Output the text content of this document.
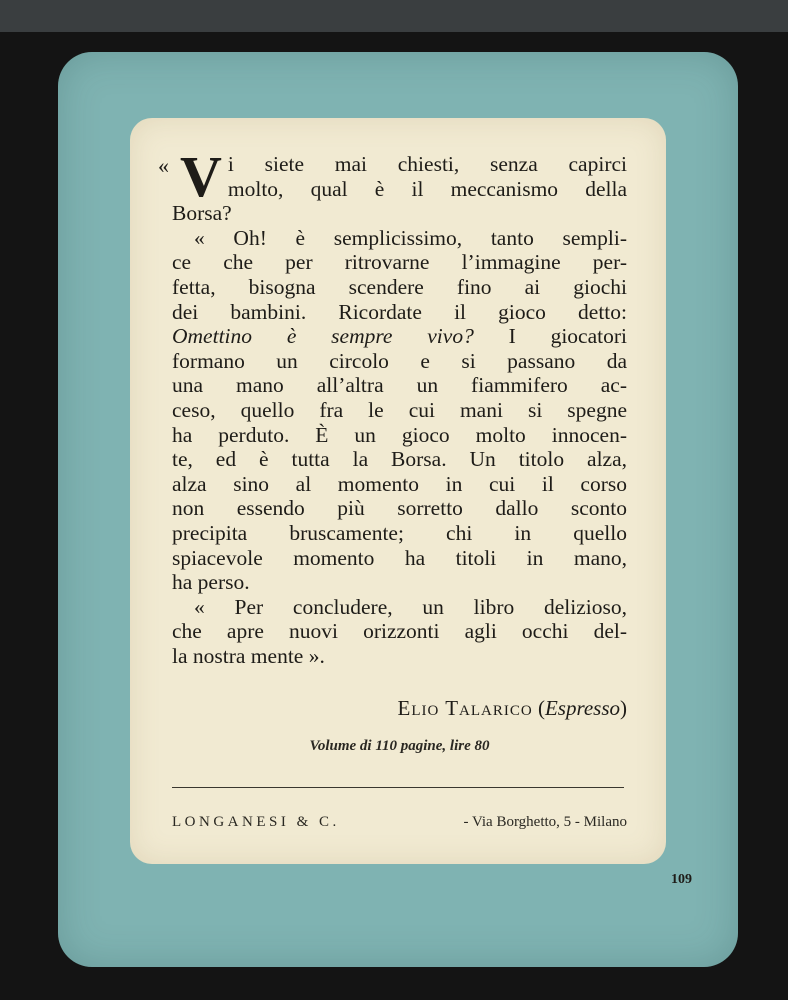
« V i siete mai chiesti, senza capirci
molto, qual è il meccanismo della
Borsa?
« Oh! è semplicissimo, tanto sempli-
ce che per ritrovarne l’immagine per-
fetta, bisogna scendere fino ai giochi
dei bambini. Ricordate il gioco detto:
Omettino è sempre vivo? I giocatori
formano un circolo e si passano da
una mano all’altra un fiammifero ac-
ceso, quello fra le cui mani si spegne
ha perduto. È un gioco molto innocen-
te, ed è tutta la Borsa. Un titolo alza,
alza sino al momento in cui il corso
non essendo più sorretto dallo sconto
precipita bruscamente; chi in quello
spiacevole momento ha titoli in mano,
ha perso.
« Per concludere, un libro delizioso,
che apre nuovi orizzonti agli occhi del-
la nostra mente ».
Elio Talarico (Espresso)
Volume di 110 pagine, lire 80
LONGANESI & C.	- Via Borghetto, 5 - Milano
109
